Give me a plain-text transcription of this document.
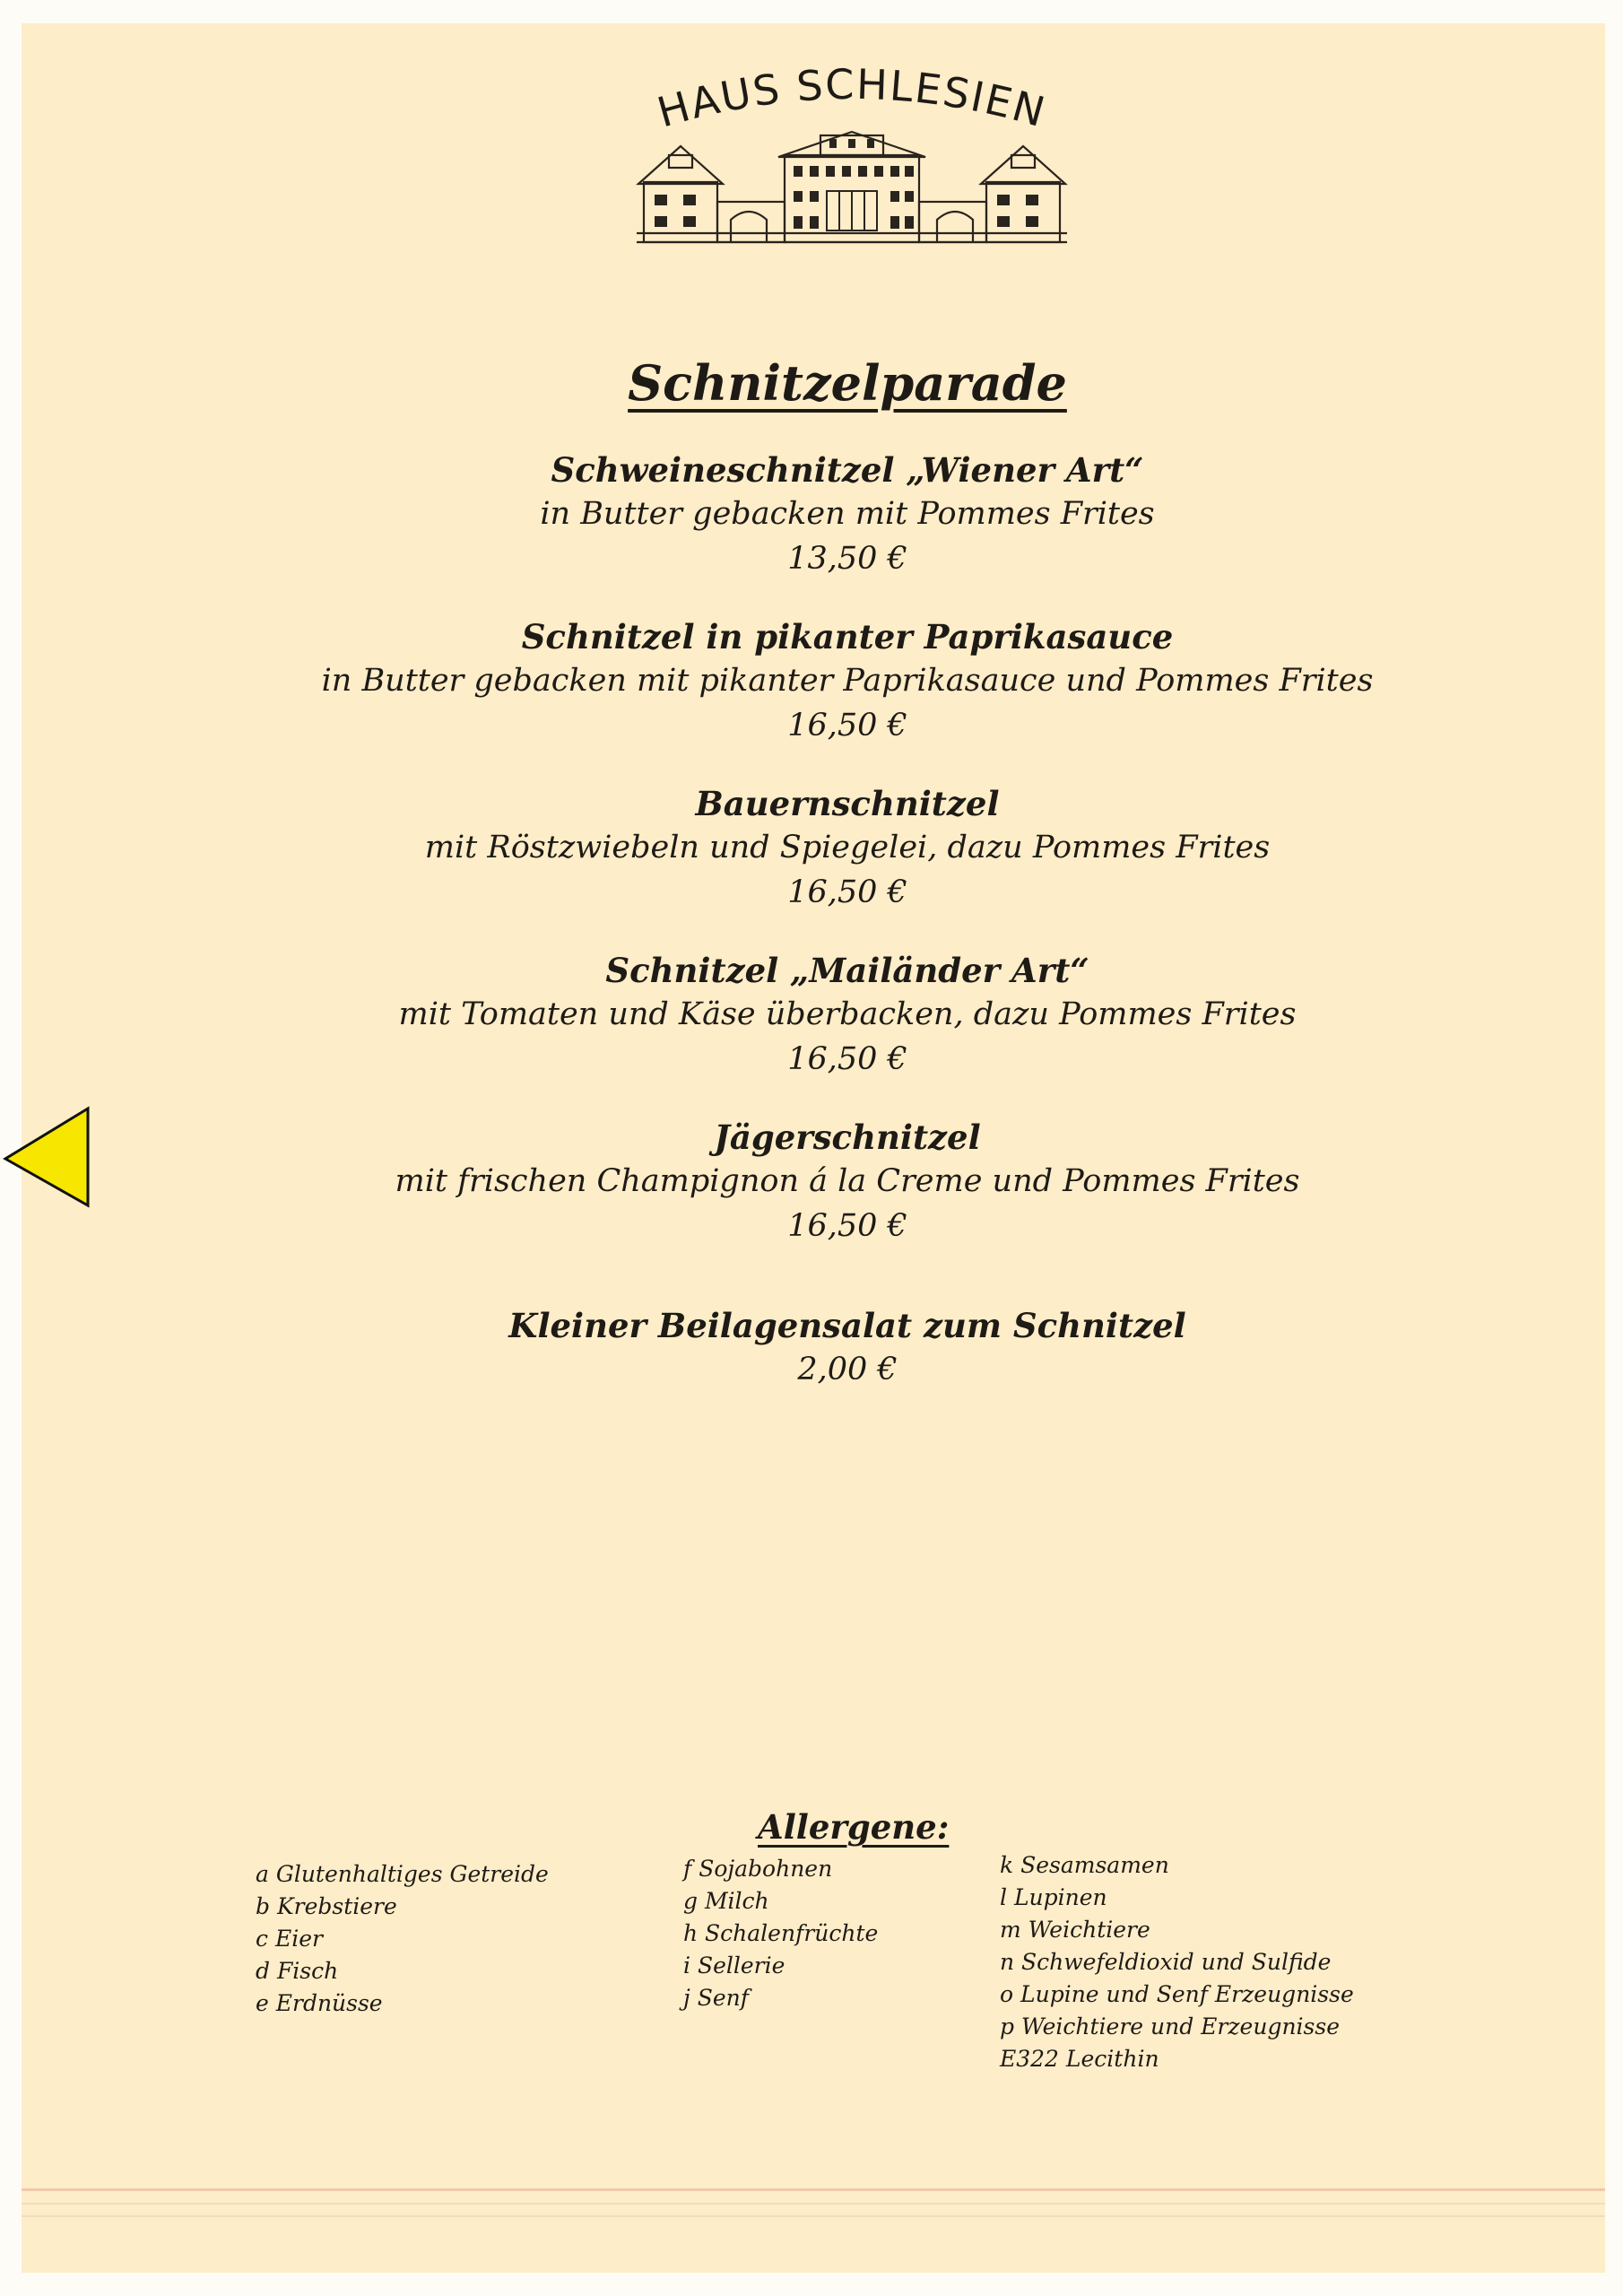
HAUS SCHLESIEN
Schnitzelparade
Schweineschnitzel „Wiener Art“
in Butter gebacken mit Pommes Frites
13,50 €
Schnitzel in pikanter Paprikasauce
in Butter gebacken mit pikanter Paprikasauce und Pommes Frites
16,50 €
Bauernschnitzel
mit Röstzwiebeln und Spiegelei, dazu Pommes Frites
16,50 €
Schnitzel „Mailänder Art“
mit Tomaten und Käse überbacken, dazu Pommes Frites
16,50 €
Jägerschnitzel
mit frischen Champignon á la Creme und Pommes Frites
16,50 €
Kleiner Beilagensalat zum Schnitzel
2,00 €
Allergene:
a Glutenhaltiges Getreide
b Krebstiere
c Eier
d Fisch
e Erdnüsse
f Sojabohnen
g Milch
h Schalenfrüchte
i Sellerie
j Senf
k Sesamsamen
l Lupinen
m Weichtiere
n Schwefeldioxid und Sulfide
o Lupine und Senf Erzeugnisse
p Weichtiere und Erzeugnisse
E322 Lecithin
